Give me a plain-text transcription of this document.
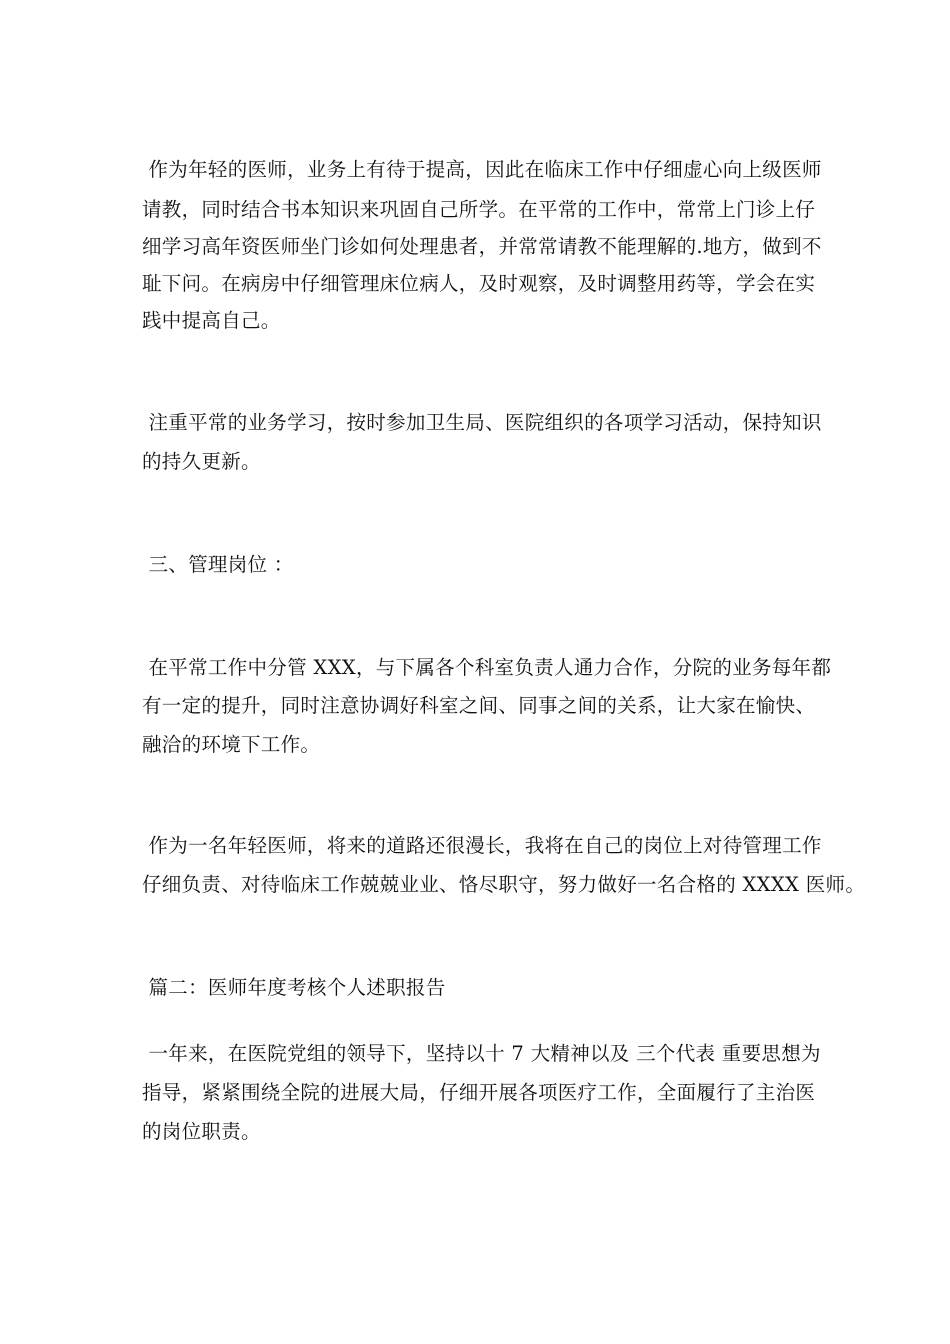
作为年轻的医师，业务上有待于提高，因此在临床工作中仔细虚心向上级医师
请教，同时结合书本知识来巩固自己所学。在平常的工作中，常常上门诊上仔
细学习高年资医师坐门诊如何处理患者，并常常请教不能理解的.地方，做到不
耻下问。在病房中仔细管理床位病人，及时观察，及时调整用药等，学会在实
践中提高自己。
注重平常的业务学习，按时参加卫生局、医院组织的各项学习活动，保持知识
的持久更新。
三、管理岗位 ：
在平常工作中分管 XXX，与下属各个科室负责人通力合作，分院的业务每年都
有一定的提升，同时注意协调好科室之间、同事之间的关系，让大家在愉快、
融洽的环境下工作。
作为一名年轻医师，将来的道路还很漫长，我将在自己的岗位上对待管理工作
仔细负责、对待临床工作兢兢业业、恪尽职守，努力做好一名合格的 XXXX 医师。
篇二：医师年度考核个人述职报告
一年来，在医院党组的领导下，坚持以十 7 大精神以及 三个代表 重要思想为
指导，紧紧围绕全院的进展大局，仔细开展各项医疗工作，全面履行了主治医
的岗位职责。
